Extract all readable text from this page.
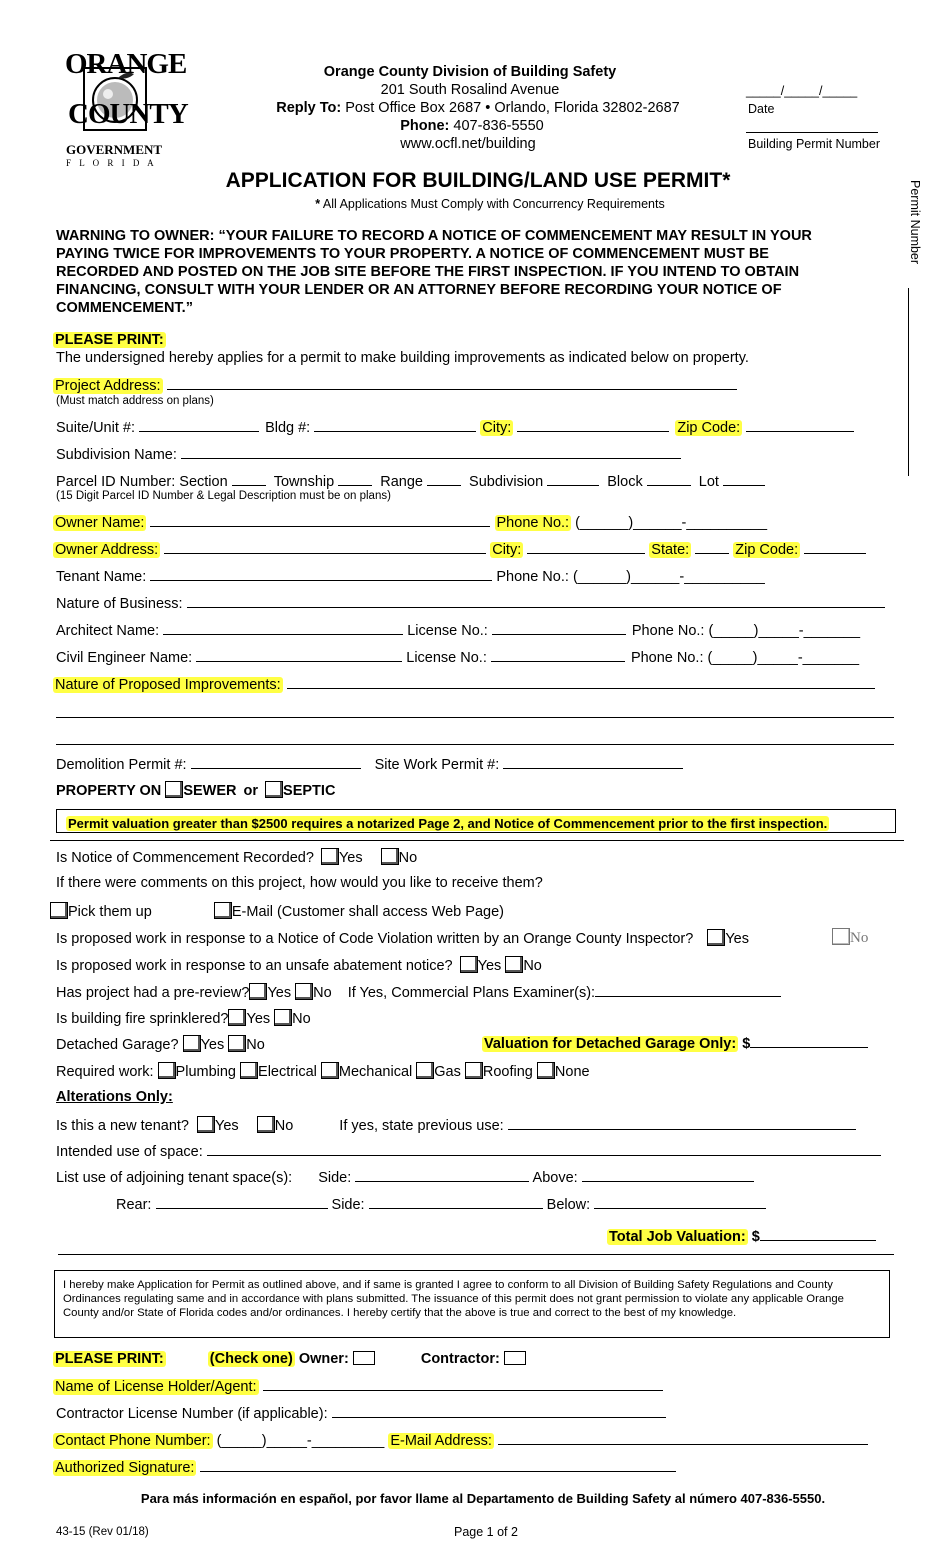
ORANGE
COUNTY
GOVERNMENT
F L O R I D A
Orange County Division of Building Safety
201 South Rosalind Avenue
Reply To: Post Office Box 2687 • Orlando, Florida 32802-2687
Phone: 407-836-5550
www.ocfl.net/building
_____/_____/_____
Date
Building Permit Number
Permit Number
APPLICATION FOR BUILDING/LAND USE PERMIT*
* All Applications Must Comply with Concurrency Requirements
WARNING TO OWNER: “YOUR FAILURE TO RECORD A NOTICE OF COMMENCEMENT MAY RESULT IN YOUR
PAYING TWICE FOR IMPROVEMENTS TO YOUR PROPERTY. A NOTICE OF COMMENCEMENT MUST BE
RECORDED AND POSTED ON THE JOB SITE BEFORE THE FIRST INSPECTION. IF YOU INTEND TO OBTAIN
FINANCING, CONSULT WITH YOUR LENDER OR AN ATTORNEY BEFORE RECORDING YOUR NOTICE OF
COMMENCEMENT.”
PLEASE PRINT:
The undersigned hereby applies for a permit to make building improvements as indicated below on property.
Project Address:
(Must match address on plans)
Suite/Unit #:	Bldg #:	City:	Zip Code:
Subdivision Name:
Parcel ID Number: Section	Township	Range	Subdivision	Block	Lot
(15 Digit Parcel ID Number & Legal Description must be on plans)
Owner Name:	Phone No.: (______)______-__________
Owner Address:	City:	State:	Zip Code:
Tenant Name:	Phone No.: (______)______-__________
Nature of Business:
Architect Name:	License No.:	Phone No.: (_____)_____-_______
Civil Engineer Name:	License No.:	Phone No.: (_____)_____-_______
Nature of Proposed Improvements:
Demolition Permit #:	Site Work Permit #:
PROPERTY ON SEWER or SEPTIC
Permit valuation greater than $2500 requires a notarized Page 2, and Notice of Commencement prior to the first inspection.
Is Notice of Commencement Recorded? Yes No
If there were comments on this project, how would you like to receive them?
Pick them up	E-Mail (Customer shall access Web Page)
Is proposed work in response to a Notice of Code Violation written by an Orange County Inspector? Yes	No
Is proposed work in response to an unsafe abatement notice? Yes No
Has project had a pre-review? Yes No If Yes, Commercial Plans Examiner(s):
Is building fire sprinklered? Yes No
Detached Garage? Yes No	Valuation for Detached Garage Only: $
Required work: Plumbing Electrical Mechanical Gas Roofing None
Alterations Only:
Is this a new tenant? Yes No	If yes, state previous use:
Intended use of space:
List use of adjoining tenant space(s): Side:	Above:
Rear:	Side:	Below:
Total Job Valuation: $
I hereby make Application for Permit as outlined above, and if same is granted I agree to conform to all Division of Building Safety Regulations and County Ordinances regulating same and in accordance with plans submitted. The issuance of this permit does not grant permission to violate any applicable Orange County and/or State of Florida codes and/or ordinances. I hereby certify that the above is true and correct to the best of my knowledge.
PLEASE PRINT:	(Check one) Owner:	Contractor:
Name of License Holder/Agent:
Contractor License Number (if applicable):
Contact Phone Number: (_____)_____-_________ E-Mail Address:
Authorized Signature:
Para más información en español, por favor llame al Departamento de Building Safety al número 407-836-5550.
43-15 (Rev 01/18)	Page 1 of 2
